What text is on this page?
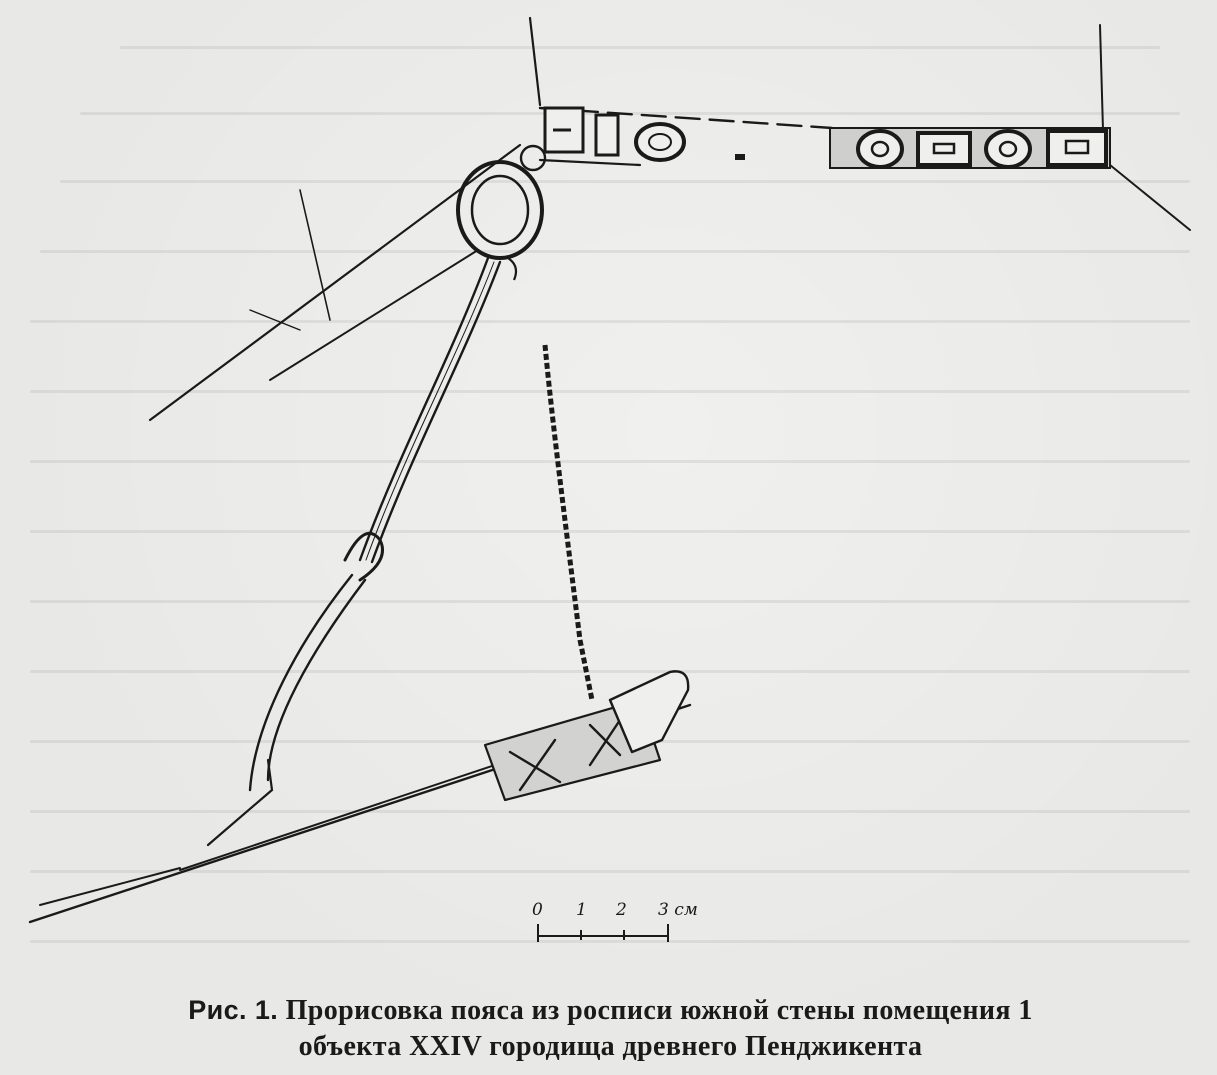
0 1 2 3 см
Рис. 1. Прорисовка пояса из росписи южной стены помещения 1
объекта XXIV городища древнего Пенджикента
